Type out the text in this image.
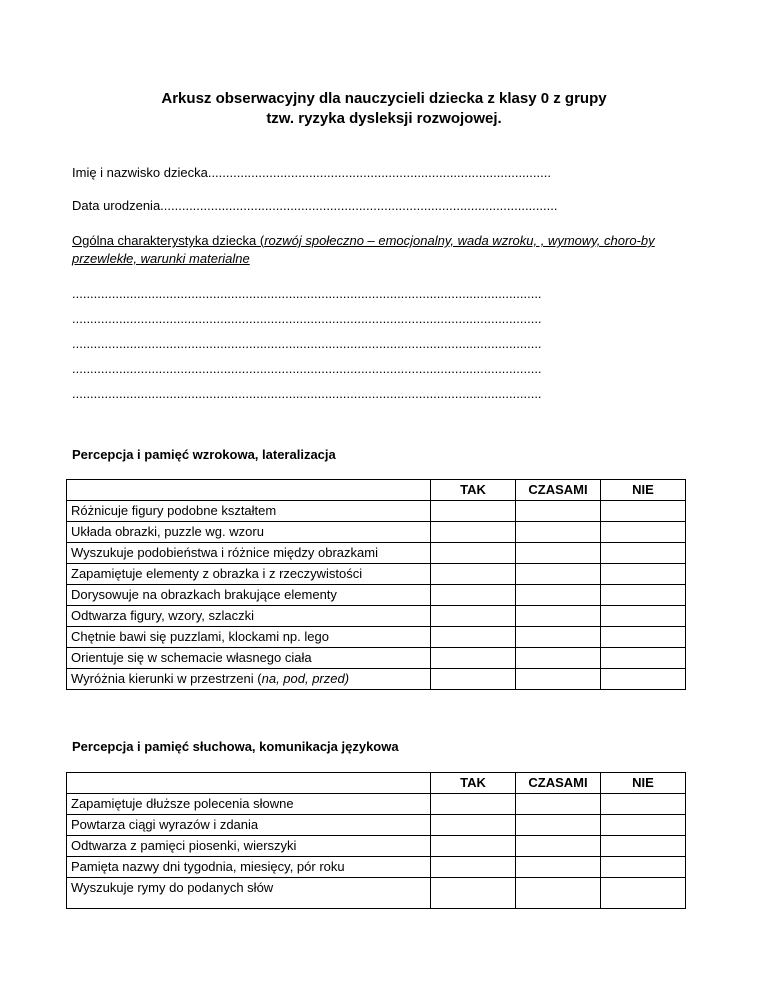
Arkusz obserwacyjny dla nauczycieli dziecka z klasy 0 z grupy
tzw. ryzyka dysleksji rozwojowej.
Imię i nazwisko dziecka...............................................................................................
Data urodzenia..............................................................................................................
Ogólna charakterystyka dziecka (rozwój społeczno – emocjonalny, wada wzroku, , wymowy, choro-by przewlekłe, warunki materialne
..................................................................................................................................
..................................................................................................................................
..................................................................................................................................
..................................................................................................................................
..................................................................................................................................
Percepcja i pamięć wzrokowa, lateralizacja
	TAK	CZASAMI	NIE
Różnicuje figury podobne kształtem			
Układa obrazki, puzzle wg. wzoru			
Wyszukuje podobieństwa i różnice między obrazkami			
Zapamiętuje elementy z obrazka i z rzeczywistości			
Dorysowuje na obrazkach brakujące elementy			
Odtwarza figury, wzory, szlaczki			
Chętnie bawi się puzzlami, klockami np. lego			
Orientuje się w schemacie własnego ciała			
Wyróżnia kierunki w przestrzeni (na, pod, przed)			
Percepcja i pamięć słuchowa, komunikacja językowa
	TAK	CZASAMI	NIE
Zapamiętuje dłuższe polecenia słowne			
Powtarza ciągi wyrazów i zdania			
Odtwarza z pamięci piosenki, wierszyki			
Pamięta nazwy dni tygodnia, miesięcy, pór roku			
Wyszukuje rymy do podanych słów			
